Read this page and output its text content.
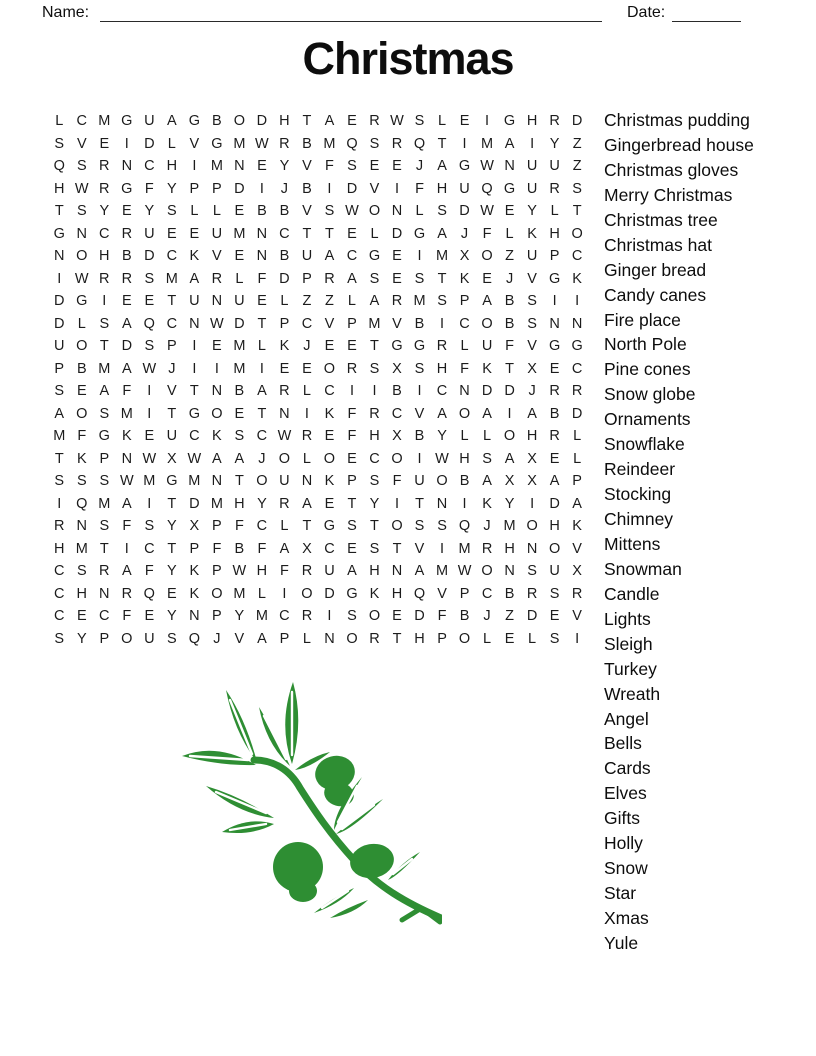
Name:	Date:
Christmas
L C M G U A G B O D H T A E R W S L E	I	G H R D
S V E	I	D L V G M W R B M Q S R Q T	I M A	I	Y Z
Q S R N C H	I M N E Y V F S E E J A G W N U U Z
H W R G F Y P P D	I	J B	I	D V	I	F H U Q G U R S
T S Y E Y S L L E B B V S W O N L S D W E Y L T
G N C R U E E U M N C T T E L D G A J F L K H O
N O H B D C K V E N B U A C G E	I M X O Z U P C
I W R R S M A R L F D P R A S E S T K E J V G K
D G	I	E E T U N U E L Z Z L A R M S P A B S	I	I
D L S A Q C N W D T P C V P M V B	I	C O B S N N
U O T D S P	I	E M L K J E E T G G R L U F V G G
P B M A W J	I	I M I	E E O R S X S H F K T X E C
S E A F	I	V T N B A R L C	I	I	B	I	C N D D J R R
A O S M I	T G O E T N	I	K F R C V A O A	I	A B D
M F G K E U C K S C W R E F H X B Y L L O H R L
T K P N W X W A A J O L O E C O	I W H S A X E L
S S S W M G M N T O U N K P S F U O B A X X A P
I	Q M A	I	T D M H Y R A E T Y	I	T N	I	K Y	I	D A
R N S F S Y X P F C L T G S T O S S Q J M O H K
H M T	I	C T P F B F A X C E S T V	I M R H N O V
C S R A F Y K P W H F R U A H N A M W O N S U X
C H N R Q E K O M L	I	O D G K H Q V P C B R S R
C E C F E Y N P Y M C R	I	S O E D F B J Z D E V
S Y P O U S Q J V A P L N O R T H P O L E L S	I
Christmas pudding
Gingerbread house
Christmas gloves
Merry Christmas
Christmas tree
Christmas hat
Ginger bread
Candy canes
Fire place
North Pole
Pine cones
Snow globe
Ornaments
Snowflake
Reindeer
Stocking
Chimney
Mittens
Snowman
Candle
Lights
Sleigh
Turkey
Wreath
Angel
Bells
Cards
Elves
Gifts
Holly
Snow
Star
Xmas
Yule
